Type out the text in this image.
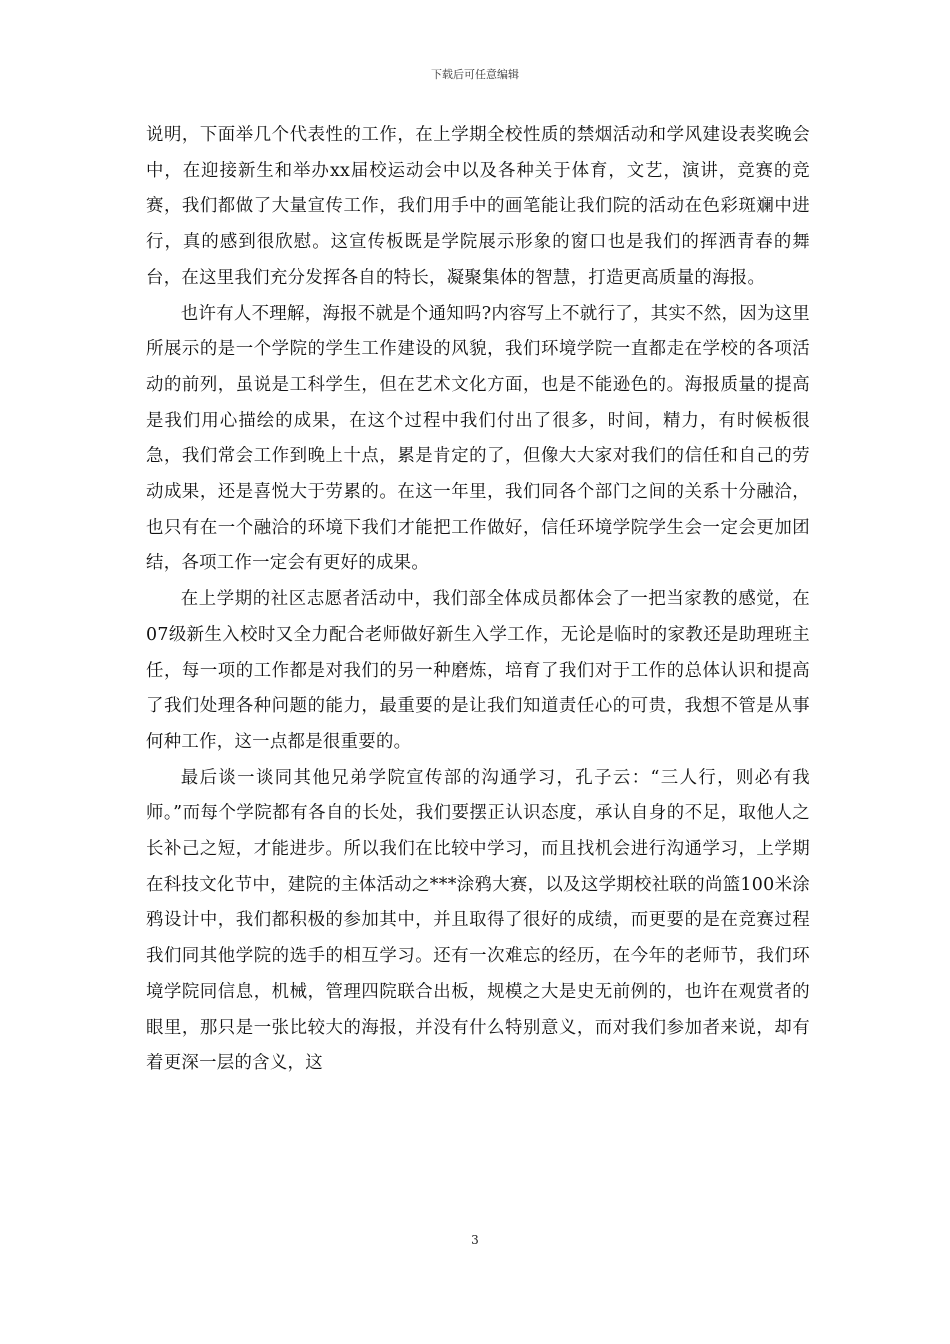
下载后可任意编辑

说明，下面举几个代表性的工作，在上学期全校性质的禁烟活动和学风建设表奖晚会中，在迎接新生和举办xx届校运动会中以及各种关于体育，文艺，演讲，竞赛的竞赛，我们都做了大量宣传工作，我们用手中的画笔能让我们院的活动在色彩斑斓中进行，真的感到很欣慰。这宣传板既是学院展示形象的窗口也是我们的挥洒青春的舞台，在这里我们充分发挥各自的特长，凝聚集体的智慧，打造更高质量的海报。

也许有人不理解，海报不就是个通知吗?内容写上不就行了，其实不然，因为这里所展示的是一个学院的学生工作建设的风貌，我们环境学院一直都走在学校的各项活动的前列，虽说是工科学生，但在艺术文化方面，也是不能逊色的。海报质量的提高是我们用心描绘的成果，在这个过程中我们付出了很多，时间，精力，有时候板很急，我们常会工作到晚上十点，累是肯定的了，但像大大家对我们的信任和自己的劳动成果，还是喜悦大于劳累的。在这一年里，我们同各个部门之间的关系十分融洽，也只有在一个融洽的环境下我们才能把工作做好，信任环境学院学生会一定会更加团结，各项工作一定会有更好的成果。

在上学期的社区志愿者活动中，我们部全体成员都体会了一把当家教的感觉，在07级新生入校时又全力配合老师做好新生入学工作，无论是临时的家教还是助理班主任，每一项的工作都是对我们的另一种磨炼，培育了我们对于工作的总体认识和提高了我们处理各种问题的能力，最重要的是让我们知道责任心的可贵，我想不管是从事何种工作，这一点都是很重要的。

最后谈一谈同其他兄弟学院宣传部的沟通学习，孔子云：“三人行，则必有我师。”而每个学院都有各自的长处，我们要摆正认识态度，承认自身的不足，取他人之长补己之短，才能进步。所以我们在比较中学习，而且找机会进行沟通学习，上学期在科技文化节中，建院的主体活动之***涂鸦大赛，以及这学期校社联的尚篮100米涂鸦设计中，我们都积极的参加其中，并且取得了很好的成绩，而更要的是在竞赛过程我们同其他学院的选手的相互学习。还有一次难忘的经历，在今年的老师节，我们环境学院同信息，机械，管理四院联合出板，规模之大是史无前例的，也许在观赏者的眼里，那只是一张比较大的海报，并没有什么特别意义，而对我们参加者来说，却有着更深一层的含义，这

3
